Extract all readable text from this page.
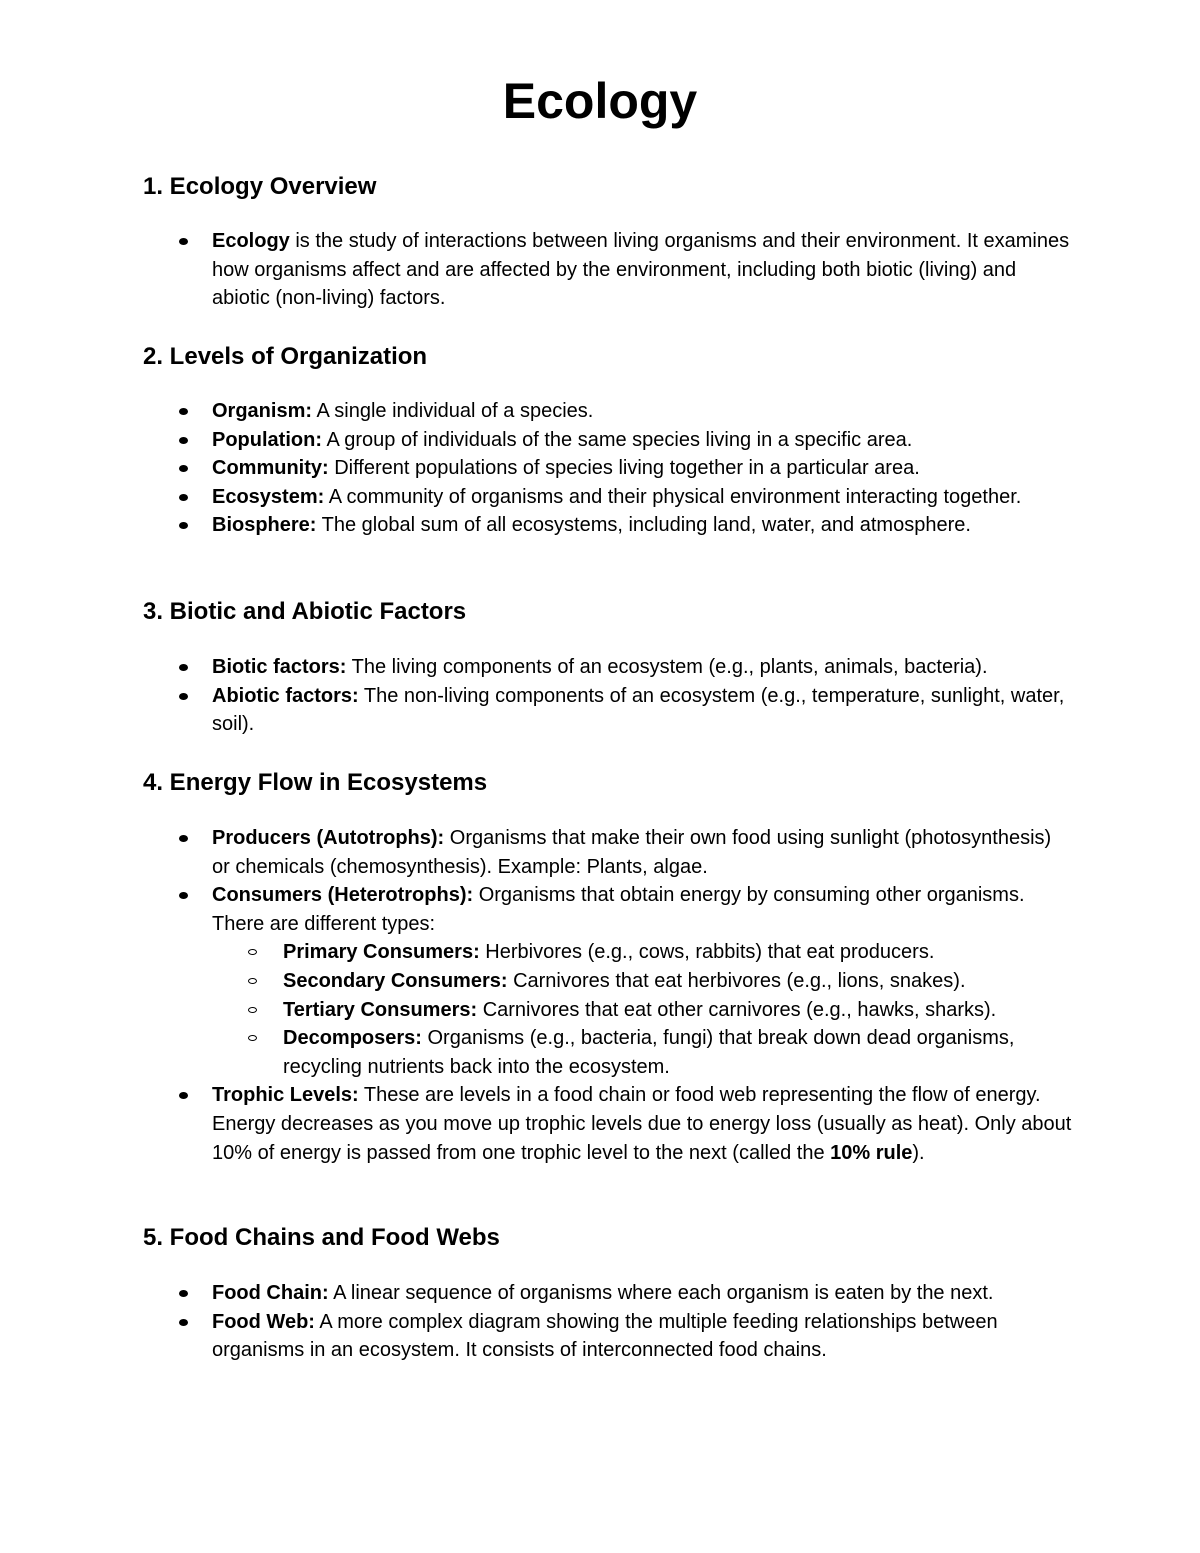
Ecology
1. Ecology Overview
Ecology is the study of interactions between living organisms and their environment. It examines how organisms affect and are affected by the environment, including both biotic (living) and abiotic (non-living) factors.
2. Levels of Organization
Organism: A single individual of a species.
Population: A group of individuals of the same species living in a specific area.
Community: Different populations of species living together in a particular area.
Ecosystem: A community of organisms and their physical environment interacting together.
Biosphere: The global sum of all ecosystems, including land, water, and atmosphere.
3. Biotic and Abiotic Factors
Biotic factors: The living components of an ecosystem (e.g., plants, animals, bacteria).
Abiotic factors: The non-living components of an ecosystem (e.g., temperature, sunlight, water, soil).
4. Energy Flow in Ecosystems
Producers (Autotrophs): Organisms that make their own food using sunlight (photosynthesis) or chemicals (chemosynthesis). Example: Plants, algae.
Consumers (Heterotrophs): Organisms that obtain energy by consuming other organisms. There are different types:
Primary Consumers: Herbivores (e.g., cows, rabbits) that eat producers.
Secondary Consumers: Carnivores that eat herbivores (e.g., lions, snakes).
Tertiary Consumers: Carnivores that eat other carnivores (e.g., hawks, sharks).
Decomposers: Organisms (e.g., bacteria, fungi) that break down dead organisms, recycling nutrients back into the ecosystem.
Trophic Levels: These are levels in a food chain or food web representing the flow of energy. Energy decreases as you move up trophic levels due to energy loss (usually as heat). Only about 10% of energy is passed from one trophic level to the next (called the 10% rule).
5. Food Chains and Food Webs
Food Chain: A linear sequence of organisms where each organism is eaten by the next.
Food Web: A more complex diagram showing the multiple feeding relationships between organisms in an ecosystem. It consists of interconnected food chains.
